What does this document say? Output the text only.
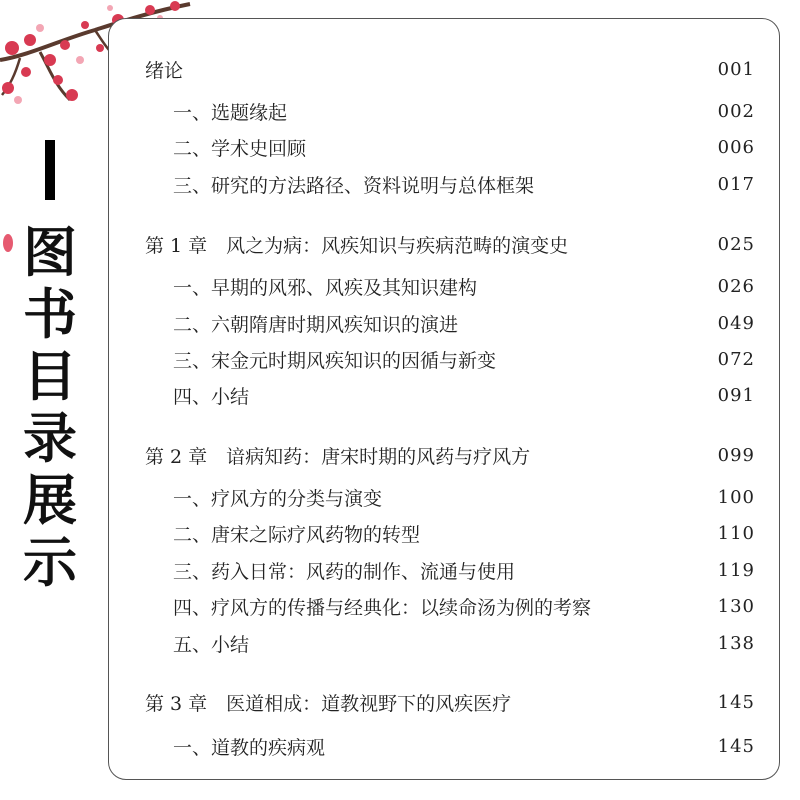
图
书
目
录
展
示
绪论	001
一、选题缘起	002
二、学术史回顾	006
三、研究的方法路径、资料说明与总体框架	017
第 1 章　风之为病：风疾知识与疾病范畴的演变史	025
一、早期的风邪、风疾及其知识建构	026
二、六朝隋唐时期风疾知识的演进	049
三、宋金元时期风疾知识的因循与新变	072
四、小结	091
第 2 章　谙病知药：唐宋时期的风药与疗风方	099
一、疗风方的分类与演变	100
二、唐宋之际疗风药物的转型	110
三、药入日常：风药的制作、流通与使用	119
四、疗风方的传播与经典化：以续命汤为例的考察	130
五、小结	138
第 3 章　医道相成：道教视野下的风疾医疗	145
一、道教的疾病观	145
